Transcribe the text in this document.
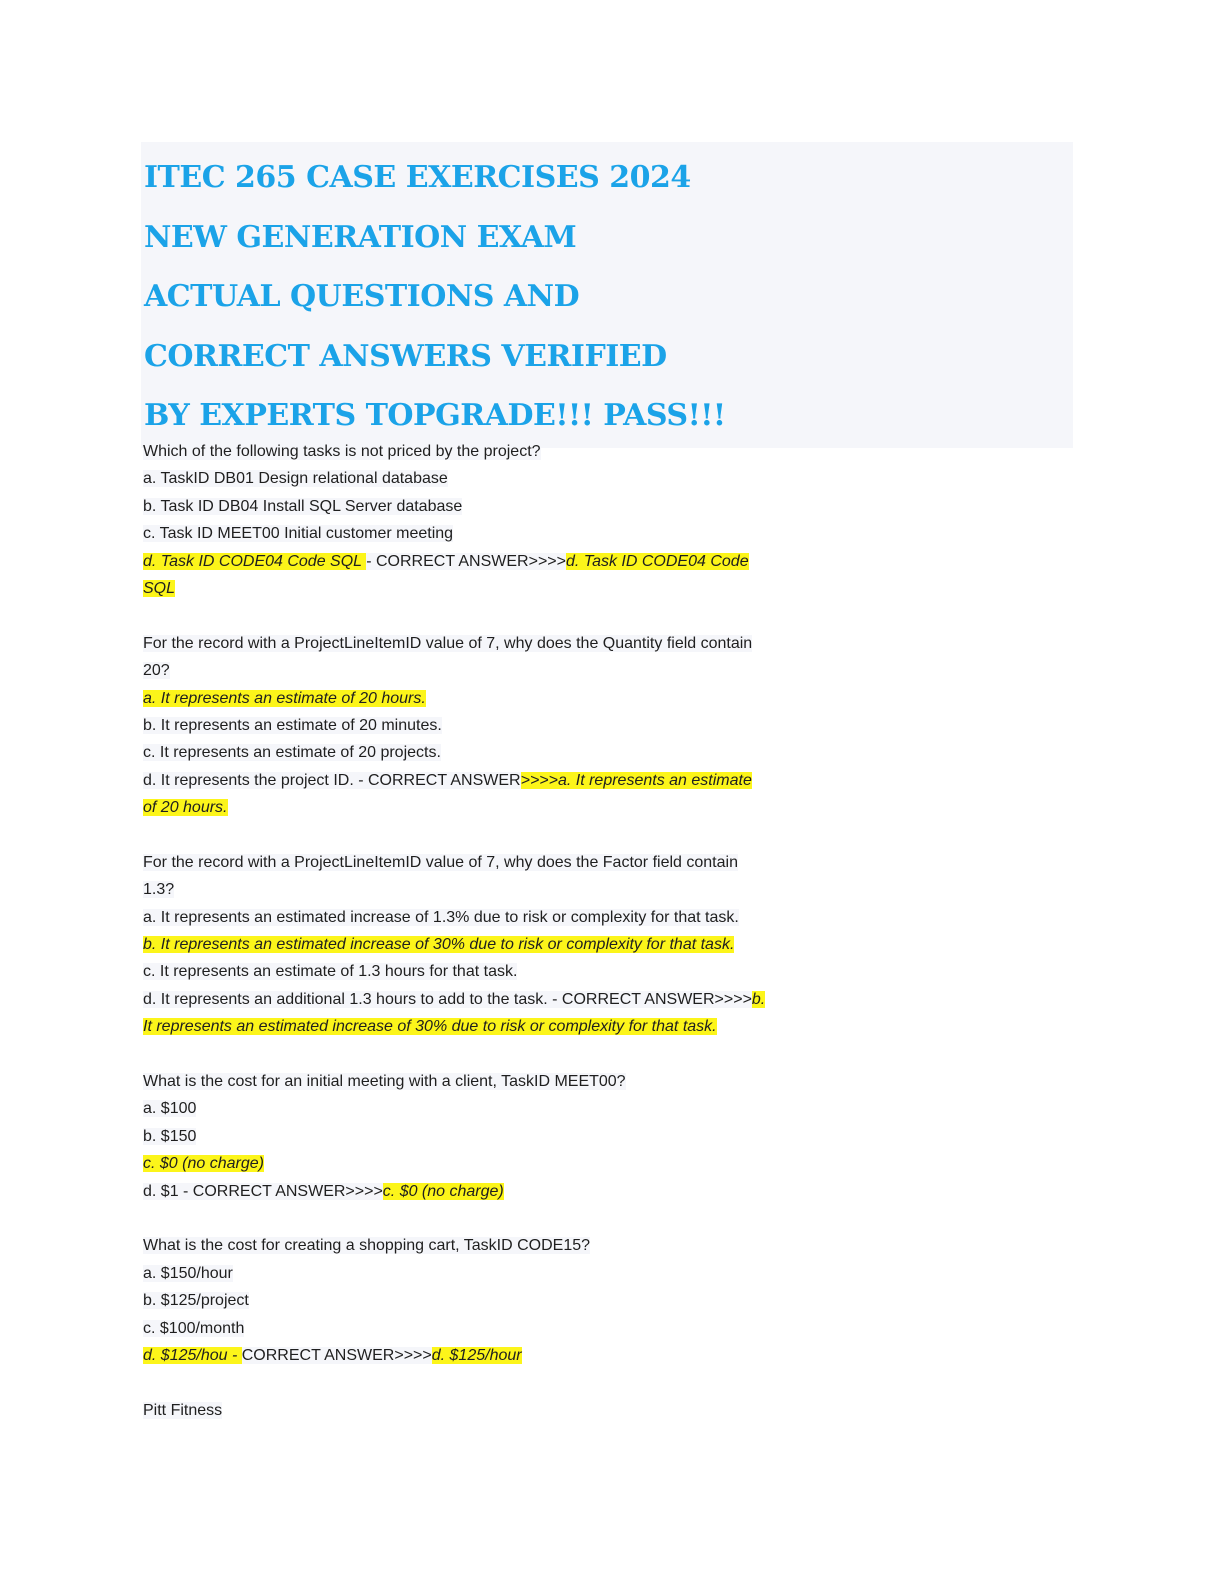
ITEC 265 CASE EXERCISES 2024
NEW GENERATION EXAM
ACTUAL QUESTIONS AND
CORRECT ANSWERS VERIFIED
BY EXPERTS TOPGRADE!!! PASS!!!
Which of the following tasks is not priced by the project?
a. TaskID DB01 Design relational database
b. Task ID DB04 Install SQL Server database
c. Task ID MEET00 Initial customer meeting
d. Task ID CODE04 Code SQL - CORRECT ANSWER>>>>d. Task ID CODE04 Code
SQL
For the record with a ProjectLineItemID value of 7, why does the Quantity field contain
20?
a. It represents an estimate of 20 hours.
b. It represents an estimate of 20 minutes.
c. It represents an estimate of 20 projects.
d. It represents the project ID. - CORRECT ANSWER>>>>a. It represents an estimate
of 20 hours.
For the record with a ProjectLineItemID value of 7, why does the Factor field contain
1.3?
a. It represents an estimated increase of 1.3% due to risk or complexity for that task.
b. It represents an estimated increase of 30% due to risk or complexity for that task.
c. It represents an estimate of 1.3 hours for that task.
d. It represents an additional 1.3 hours to add to the task. - CORRECT ANSWER>>>>b.
It represents an estimated increase of 30% due to risk or complexity for that task.
What is the cost for an initial meeting with a client, TaskID MEET00?
a. $100
b. $150
c. $0 (no charge)
d. $1 - CORRECT ANSWER>>>>c. $0 (no charge)
What is the cost for creating a shopping cart, TaskID CODE15?
a. $150/hour
b. $125/project
c. $100/month
d. $125/hou - CORRECT ANSWER>>>>d. $125/hour
Pitt Fitness
